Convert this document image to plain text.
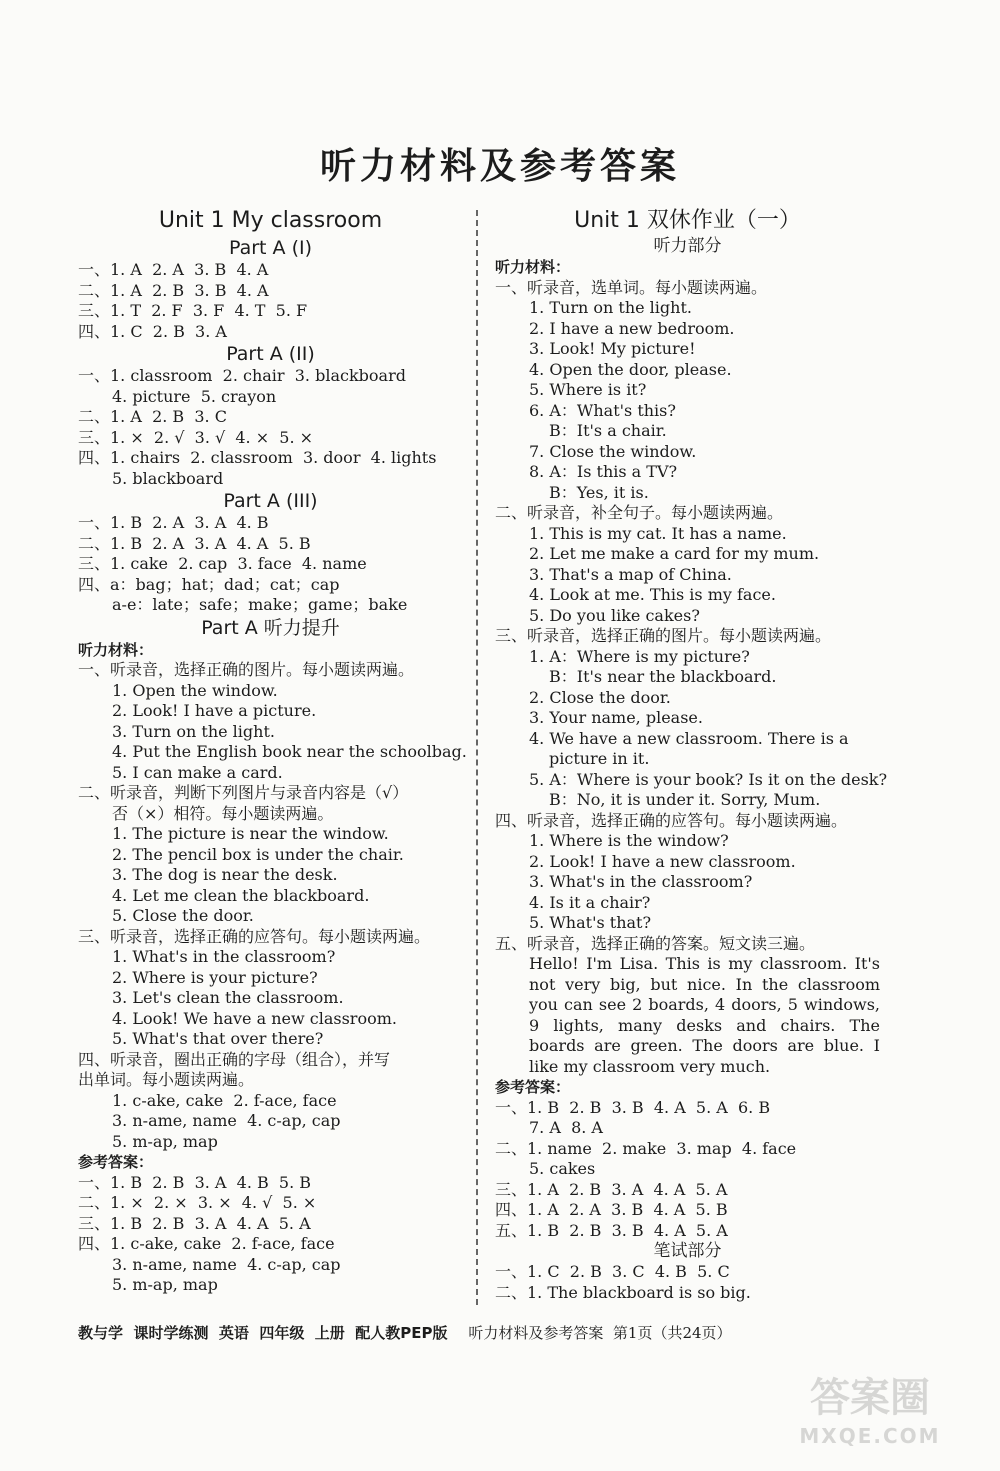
听力材料及参考答案
Unit 1 My classroom
Part A (I)
一、1. A  2. A  3. B  4. A
二、1. A  2. B  3. B  4. A
三、1. T  2. F  3. F  4. T  5. F
四、1. C  2. B  3. A
Part A (II)
一、1. classroom  2. chair  3. blackboard
4. picture  5. crayon
二、1. A  2. B  3. C
三、1. ×  2. √  3. √  4. ×  5. ×
四、1. chairs  2. classroom  3. door  4. lights
5. blackboard
Part A (III)
一、1. B  2. A  3. A  4. B
二、1. B  2. A  3. A  4. A  5. B
三、1. cake  2. cap  3. face  4. name
四、a：bag；hat；dad；cat；cap
a-e：late；safe；make；game；bake
Part A 听力提升
听力材料：
一、听录音，选择正确的图片。每小题读两遍。
1. Open the window.
2. Look! I have a picture.
3. Turn on the light.
4. Put the English book near the schoolbag.
5. I can make a card.
二、听录音，判断下列图片与录音内容是（√）
否（×）相符。每小题读两遍。
1. The picture is near the window.
2. The pencil box is under the chair.
3. The dog is near the desk.
4. Let me clean the blackboard.
5. Close the door.
三、听录音，选择正确的应答句。每小题读两遍。
1. What's in the classroom?
2. Where is your picture?
3. Let's clean the classroom.
4. Look! We have a new classroom.
5. What's that over there?
四、听录音，圈出正确的字母（组合），并写
出单词。每小题读两遍。
1. c-ake, cake  2. f-ace, face
3. n-ame, name  4. c-ap, cap
5. m-ap, map
参考答案：
一、1. B  2. B  3. A  4. B  5. B
二、1. ×  2. ×  3. ×  4. √  5. ×
三、1. B  2. B  3. A  4. A  5. A
四、1. c-ake, cake  2. f-ace, face
3. n-ame, name  4. c-ap, cap
5. m-ap, map
Unit 1 双休作业（一）
听力部分
听力材料：
一、听录音，选单词。每小题读两遍。
1. Turn on the light.
2. I have a new bedroom.
3. Look! My picture!
4. Open the door, please.
5. Where is it?
6. A：What's this?
B：It's a chair.
7. Close the window.
8. A：Is this a TV?
B：Yes, it is.
二、听录音，补全句子。每小题读两遍。
1. This is my cat. It has a name.
2. Let me make a card for my mum.
3. That's a map of China.
4. Look at me. This is my face.
5. Do you like cakes?
三、听录音，选择正确的图片。每小题读两遍。
1. A：Where is my picture?
B：It's near the blackboard.
2. Close the door.
3. Your name, please.
4. We have a new classroom. There is a
picture in it.
5. A：Where is your book? Is it on the desk?
B：No, it is under it. Sorry, Mum.
四、听录音，选择正确的应答句。每小题读两遍。
1. Where is the window?
2. Look! I have a new classroom.
3. What's in the classroom?
4. Is it a chair?
5. What's that?
五、听录音，选择正确的答案。短文读三遍。
Hello! I'm Lisa. This is my classroom. It's not very big, but nice. In the classroom you can see 2 boards, 4 doors, 5 windows, 9 lights, many desks and chairs. The boards are green. The doors are blue. I like my classroom very much.
参考答案：
一、1. B  2. B  3. B  4. A  5. A  6. B
7. A  8. A
二、1. name  2. make  3. map  4. face
5. cakes
三、1. A  2. B  3. A  4. A  5. A
四、1. A  2. A  3. B  4. A  5. B
五、1. B  2. B  3. B  4. A  5. A
笔试部分
一、1. C  2. B  3. C  4. B  5. C
二、1. The blackboard is so big.
教与学  课时学练测  英语  四年级  上册  配人教PEP版 听力材料及参考答案  第1页（共24页）
答案圈
MXQE.COM
